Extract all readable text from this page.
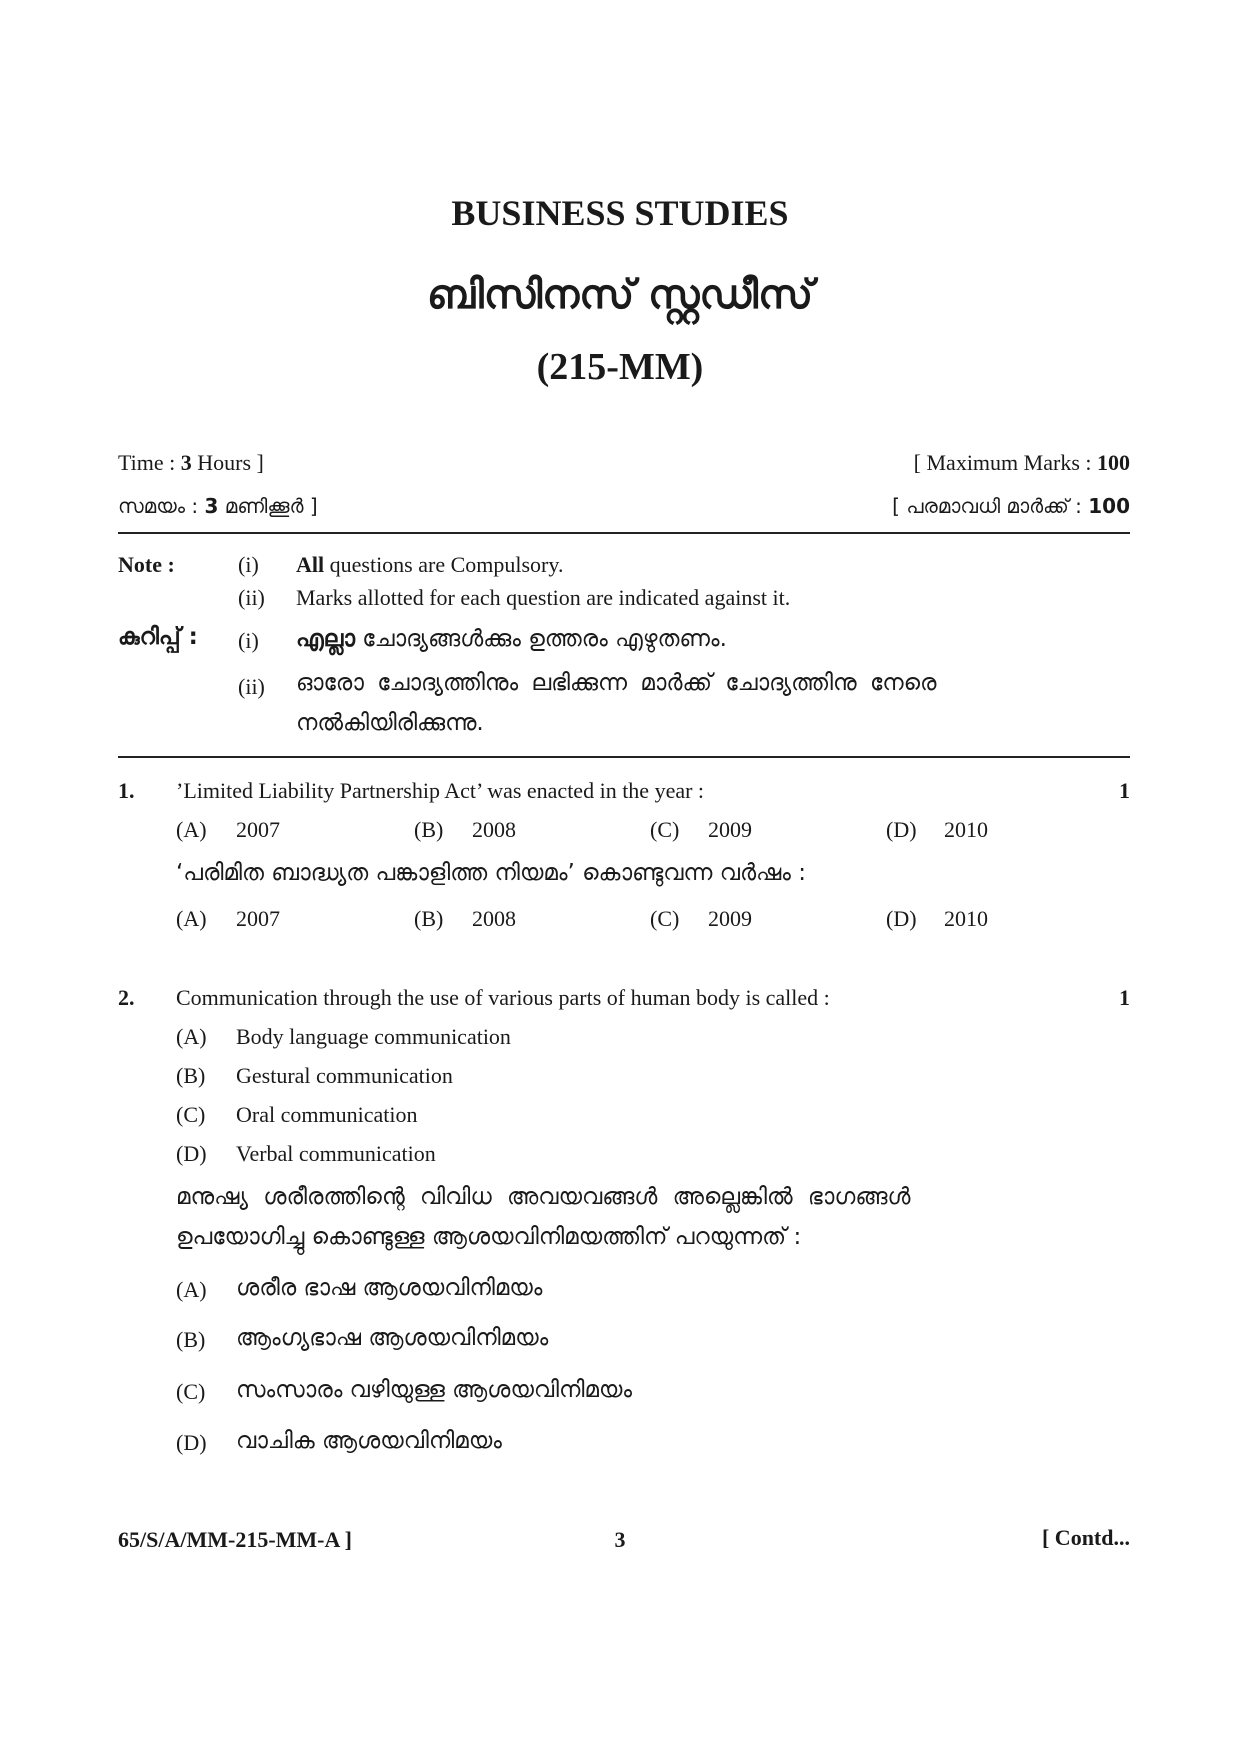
BUSINESS STUDIES
ബിസിനസ് സ്റ്റഡീസ്
(215-MM)
Time : 3 Hours ]	[ Maximum Marks : 100
സമയം : 3 മണിക്കൂർ ]	[ പരമാവധി മാർക്ക് : 100
Note :	(i) All questions are Compulsory.
(ii) Marks allotted for each question are indicated against it.
കുറിപ്പ് : (i) എല്ലാ ചോദ്യങ്ങൾക്കും ഉത്തരം എഴുതണം.
(ii) ഓരോ ചോദ്യത്തിനും ലഭിക്കുന്ന മാർക്ക് ചോദ്യത്തിനു നേരെ
നൽകിയിരിക്കുന്നു.
1. ’Limited Liability Partnership Act’ was enacted in the year :	1
(A) 2007	(B) 2008	(C) 2009	(D) 2010
‘പരിമിത ബാദ്ധ്യത പങ്കാളിത്ത നിയമം’ കൊണ്ടുവന്ന വർഷം :
(A) 2007	(B) 2008	(C) 2009	(D) 2010
2. Communication through the use of various parts of human body is called :	1
(A) Body language communication
(B) Gestural communication
(C) Oral communication
(D) Verbal communication
മനുഷ്യ ശരീരത്തിന്റെ വിവിധ അവയവങ്ങൾ അല്ലെങ്കിൽ ഭാഗങ്ങൾ
ഉപയോഗിച്ചു കൊണ്ടുള്ള ആശയവിനിമയത്തിന് പറയുന്നത് :
(A) ശരീര ഭാഷ ആശയവിനിമയം
(B) ആംഗ്യഭാഷ ആശയവിനിമയം
(C) സംസാരം വഴിയുള്ള ആശയവിനിമയം
(D) വാചിക ആശയവിനിമയം
65/S/A/MM-215-MM-A ]	3	[ Contd...
